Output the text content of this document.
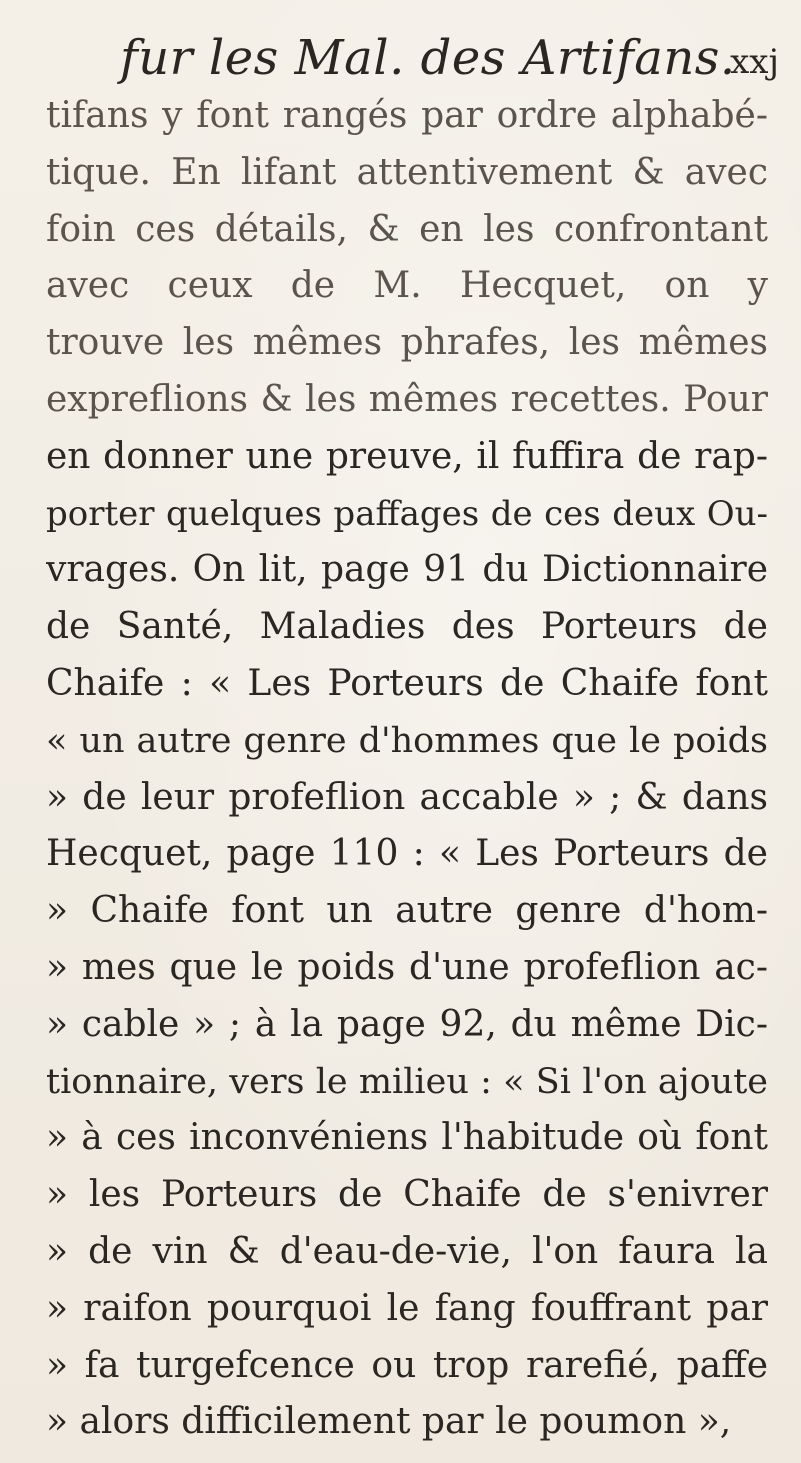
fur les Mal. des Artifans.
xxj
tifans y font rangés par ordre alphabé-
tique. En lifant attentivement & avec
foin ces détails, & en les confrontant
avec ceux de M. Hecquet, on y
trouve les mêmes phrafes, les mêmes
expreflions & les mêmes recettes. Pour
en donner une preuve, il fuffira de rap-
porter quelques paffages de ces deux Ou-
vrages. On lit, page 91 du Dictionnaire
de Santé, Maladies des Porteurs de
Chaife : « Les Porteurs de Chaife font
« un autre genre d'hommes que le poids
» de leur profeflion accable » ; & dans
Hecquet, page 110 : « Les Porteurs de
» Chaife font un autre genre d'hom-
» mes que le poids d'une profeflion ac-
» cable » ; à la page 92, du même Dic-
tionnaire, vers le milieu : « Si l'on ajoute
» à ces inconvéniens l'habitude où font
» les Porteurs de Chaife de s'enivrer
» de vin & d'eau-de-vie, l'on faura la
» raifon pourquoi le fang fouffrant par
» fa turgefcence ou trop rarefié, paffe
» alors difficilement par le poumon »,
